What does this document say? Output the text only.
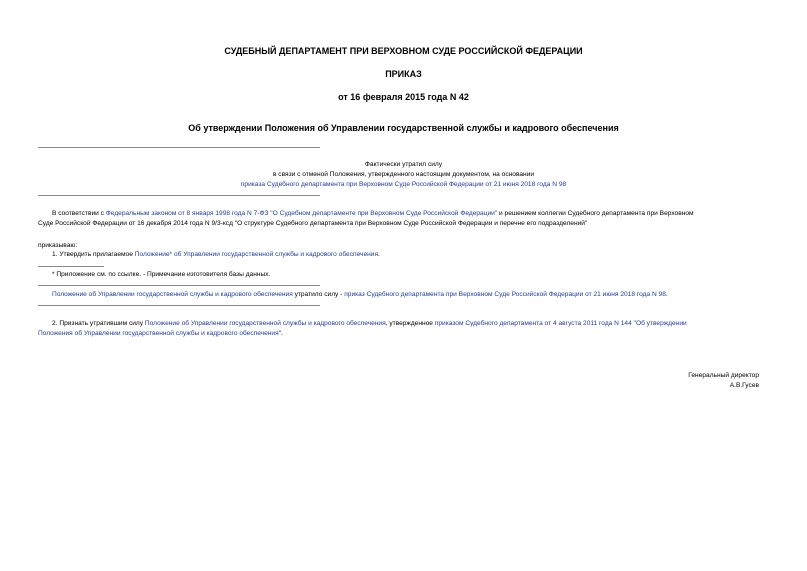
СУДЕБНЫЙ ДЕПАРТАМЕНТ ПРИ ВЕРХОВНОМ СУДЕ РОССИЙСКОЙ ФЕДЕРАЦИИ
ПРИКАЗ
от 16 февраля 2015 года N 42
Об утверждении Положения об Управлении государственной службы и кадрового обеспечения
Фактически утратил силу
в связи с отменой Положения, утвержденного настоящим документом, на основании
приказа Судебного департамента при Верховном Суде Российской Федерации от 21 июня 2018 года N 98
В соответствии с Федеральным законом от 8 января 1998 года N 7-ФЗ "О Судебном департаменте при Верховном Суде Российской Федерации" и решением коллегии Судебного департамента при Верховном
Суде Российской Федерации от 16 декабря 2014 года N 9/3-ксд "О структуре Судебного департамента при Верховном Суде Российской Федерации и перечне его подразделений"
приказываю:
1. Утвердить прилагаемое Положение* об Управлении государственной службы и кадрового обеспечения.
* Приложение см. по ссылке. - Примечание изготовителя базы данных.
Положение об Управлении государственной службы и кадрового обеспечения утратило силу - приказ Судебного департамента при Верховном Суде Российской Федерации от 21 июня 2018 года N 98.
2. Признать утратившим силу Положение об Управлении государственной службы и кадрового обеспечения, утвержденное приказом Судебного департамента от 4 августа 2011 года N 144 "Об утверждении
Положения об Управлении государственной службы и кадрового обеспечения".
Генеральный директор
А.В.Гусев
